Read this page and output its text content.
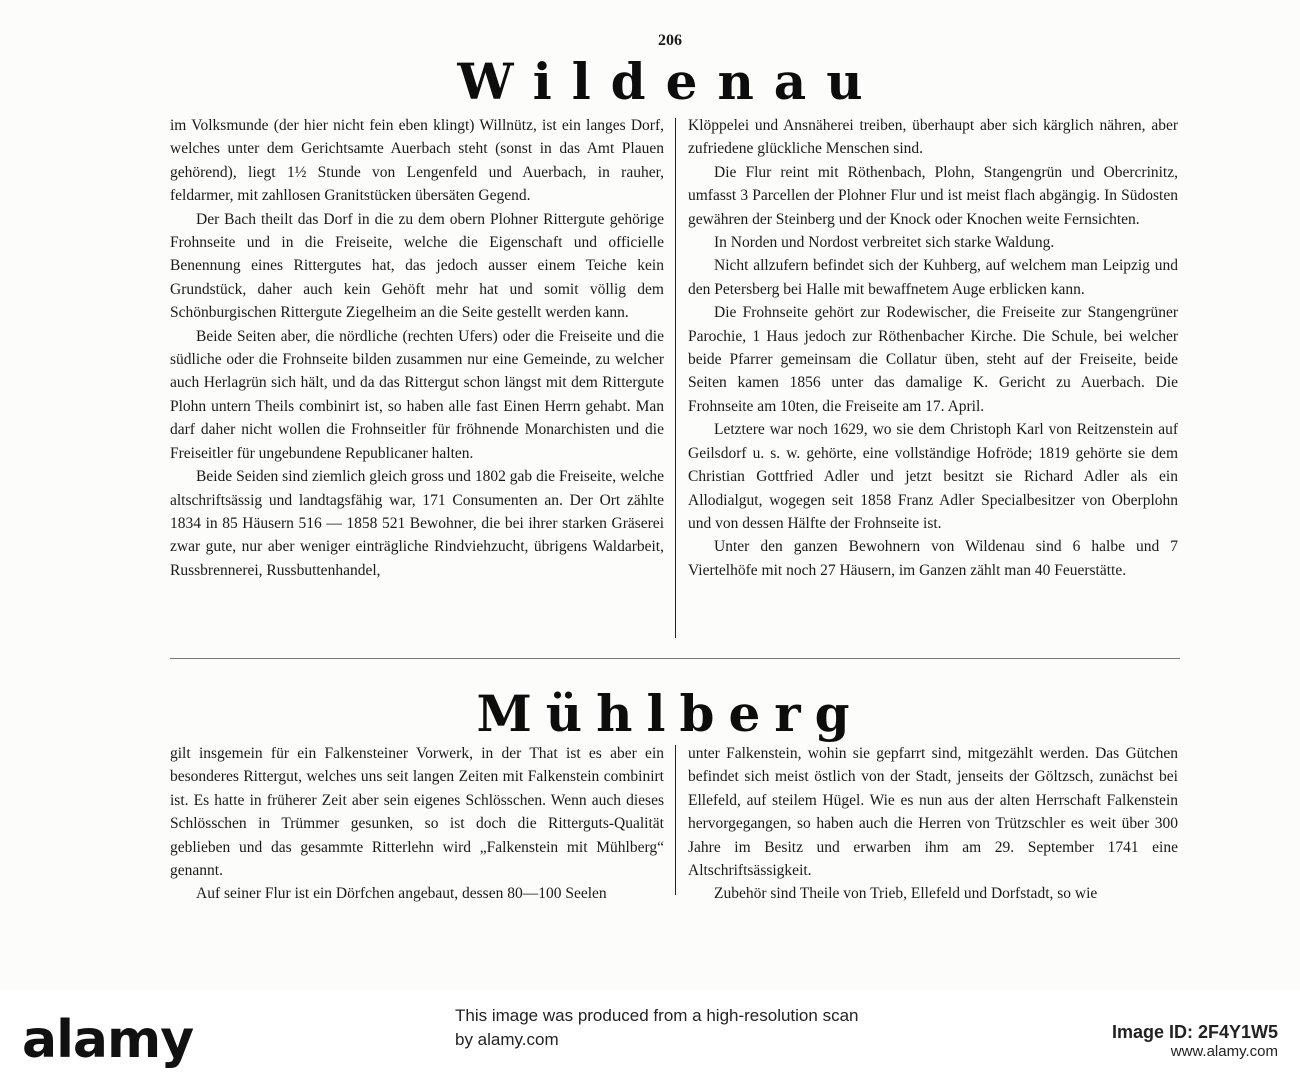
206
Wildenau

im Volksmunde (der hier nicht fein eben klingt) Willnütz, ist ein langes Dorf, welches unter dem Gerichtsamte Auerbach steht (sonst in das Amt Plauen gehörend), liegt 1½ Stunde von Lengenfeld und Auerbach, in rauher, feldarmer, mit zahllosen Granitstücken übersäten Gegend.

Der Bach theilt das Dorf in die zu dem obern Plohner Rittergute gehörige Frohnseite und in die Freiseite, welche die Eigenschaft und officielle Benennung eines Rittergutes hat, das jedoch ausser einem Teiche kein Grundstück, daher auch kein Gehöft mehr hat und somit völlig dem Schönburgischen Rittergute Ziegelheim an die Seite gestellt werden kann.

Beide Seiten aber, die nördliche (rechten Ufers) oder die Freiseite und die südliche oder die Frohnseite bilden zusammen nur eine Gemeinde, zu welcher auch Herlagrün sich hält, und da das Rittergut schon längst mit dem Rittergute Plohn untern Theils combinirt ist, so haben alle fast Einen Herrn gehabt. Man darf daher nicht wollen die Frohnseitler für fröhnende Monarchisten und die Freiseitler für ungebundene Republicaner halten.

Beide Seiden sind ziemlich gleich gross und 1802 gab die Freiseite, welche altschriftsässig und landtagsfähig war, 171 Consumenten an. Der Ort zählte 1834 in 85 Häusern 516 — 1858 521 Bewohner, die bei ihrer starken Gräserei zwar gute, nur aber weniger einträgliche Rindviehzucht, übrigens Waldarbeit, Russbrennerei, Russbuttenhandel,

Klöppelei und Ansnäherei treiben, überhaupt aber sich kärglich nähren, aber zufriedene glückliche Menschen sind.

Die Flur reint mit Röthenbach, Plohn, Stangengrün und Obercrinitz, umfasst 3 Parcellen der Plohner Flur und ist meist flach abgängig. In Südosten gewähren der Steinberg und der Knock oder Knochen weite Fernsichten.

In Norden und Nordost verbreitet sich starke Waldung.

Nicht allzufern befindet sich der Kuhberg, auf welchem man Leipzig und den Petersberg bei Halle mit bewaffnetem Auge erblicken kann.

Die Frohnseite gehört zur Rodewischer, die Freiseite zur Stangengrüner Parochie, 1 Haus jedoch zur Röthenbacher Kirche. Die Schule, bei welcher beide Pfarrer gemeinsam die Collatur üben, steht auf der Freiseite, beide Seiten kamen 1856 unter das damalige K. Gericht zu Auerbach. Die Frohnseite am 10ten, die Freiseite am 17. April.

Letztere war noch 1629, wo sie dem Christoph Karl von Reitzenstein auf Geilsdorf u. s. w. gehörte, eine vollständige Hofröde; 1819 gehörte sie dem Christian Gottfried Adler und jetzt besitzt sie Richard Adler als ein Allodialgut, wogegen seit 1858 Franz Adler Specialbesitzer von Oberplohn und von dessen Hälfte der Frohnseite ist.

Unter den ganzen Bewohnern von Wildenau sind 6 halbe und 7 Viertelhöfe mit noch 27 Häusern, im Ganzen zählt man 40 Feuerstätte.

Mühlberg

gilt insgemein für ein Falkensteiner Vorwerk, in der That ist es aber ein besonderes Rittergut, welches uns seit langen Zeiten mit Falkenstein combinirt ist. Es hatte in früherer Zeit aber sein eigenes Schlösschen. Wenn auch dieses Schlösschen in Trümmer gesunken, so ist doch die Ritterguts-Qualität geblieben und das gesammte Ritterlehn wird „Falkenstein mit Mühlberg“ genannt.

Auf seiner Flur ist ein Dörfchen angebaut, dessen 80—100 Seelen

unter Falkenstein, wohin sie gepfarrt sind, mitgezählt werden. Das Gütchen befindet sich meist östlich von der Stadt, jenseits der Göltzsch, zunächst bei Ellefeld, auf steilem Hügel. Wie es nun aus der alten Herrschaft Falkenstein hervorgegangen, so haben auch die Herren von Trützschler es weit über 300 Jahre im Besitz und erwarben ihm am 29. September 1741 eine Altschriftsässigkeit.

Zubehör sind Theile von Trieb, Ellefeld und Dorfstadt, so wie

alamy	This image was produced from a high-resolution scan
by alamy.com	Image ID: 2F4Y1W5
www.alamy.com
